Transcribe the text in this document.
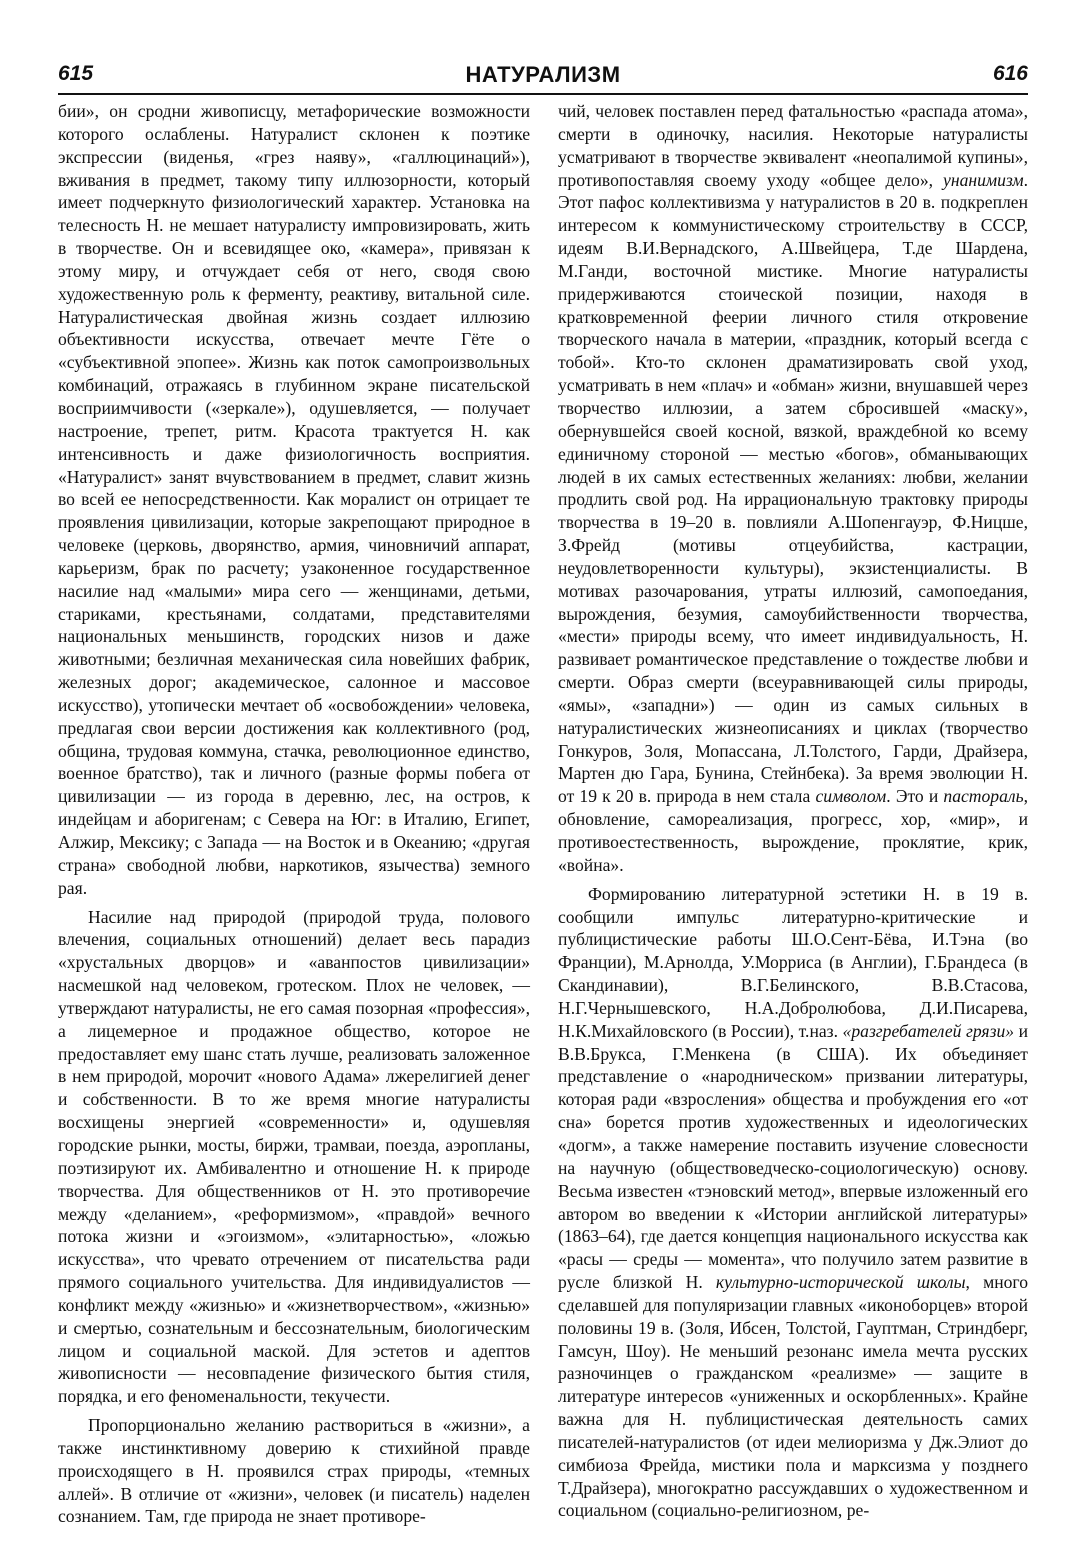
615	НАТУРАЛИЗМ	616

бии», он сродни живописцу, метафорические возможности которого ослаблены. Натуралист склонен к поэтике экспрессии (виденья, «грез наяву», «галлюцинаций»), вживания в предмет, такому типу иллюзорности, который имеет подчеркнуто физиологический характер. Установка на телесность Н. не мешает натуралисту импровизировать, жить в творчестве. Он и всевидящее око, «камера», привязан к этому миру, и отчуждает себя от него, сводя свою художественную роль к ферменту, реактиву, витальной силе. Натуралистическая двойная жизнь создает иллюзию объективности искусства, отвечает мечте Гёте о «субъективной эпопее». Жизнь как поток самопроизвольных комбинаций, отражаясь в глубинном экране писательской восприимчивости («зеркале»), одушевляется, — получает настроение, трепет, ритм. Красота трактуется Н. как интенсивность и даже физиологичность восприятия. «Натуралист» занят вчувствованием в предмет, славит жизнь во всей ее непосредственности. Как моралист он отрицает те проявления цивилизации, которые закрепощают природное в человеке (церковь, дворянство, армия, чиновничий аппарат, карьеризм, брак по расчету; узаконенное государственное насилие над «малыми» мира сего — женщинами, детьми, стариками, крестьянами, солдатами, представителями национальных меньшинств, городских низов и даже животными; безличная механическая сила новейших фабрик, железных дорог; академическое, салонное и массовое искусство), утопически мечтает об «освобождении» человека, предлагая свои версии достижения как коллективного (род, община, трудовая коммуна, стачка, революционное единство, военное братство), так и личного (разные формы побега от цивилизации — из города в деревню, лес, на остров, к индейцам и аборигенам; с Севера на Юг: в Италию, Египет, Алжир, Мексику; с Запада — на Восток и в Океанию; «другая страна» свободной любви, наркотиков, язычества) земного рая.

Насилие над природой (природой труда, полового влечения, социальных отношений) делает весь парадиз «хрустальных дворцов» и «аванпостов цивилизации» насмешкой над человеком, гротеском. Плох не человек, — утверждают натуралисты, не его самая позорная «профессия», а лицемерное и продажное общество, которое не предоставляет ему шанс стать лучше, реализовать заложенное в нем природой, морочит «нового Адама» лжерелигией денег и собственности. В то же время многие натуралисты восхищены энергией «современности» и, одушевляя городские рынки, мосты, биржи, трамваи, поезда, аэропланы, поэтизируют их. Амбивалентно и отношение Н. к природе творчества. Для общественников от Н. это противоречие между «деланием», «реформизмом», «правдой» вечного потока жизни и «эгоизмом», «элитарностью», «ложью искусства», что чревато отречением от писательства ради прямого социального учительства. Для индивидуалистов — конфликт между «жизнью» и «жизнетворчеством», «жизнью» и смертью, сознательным и бессознательным, биологическим лицом и социальной маской. Для эстетов и адептов живописности — несовпадение физического бытия стиля, порядка, и его феноменальности, текучести.

Пропорционально желанию раствориться в «жизни», а также инстинктивному доверию к стихийной правде происходящего в Н. проявился страх природы, «темных аллей». В отличие от «жизни», человек (и писатель) наделен сознанием. Там, где природа не знает противоре-

чий, человек поставлен перед фатальностью «распада атома», смерти в одиночку, насилия. Некоторые натуралисты усматривают в творчестве эквивалент «неопалимой купины», противопоставляя своему уходу «общее дело», унанимизм. Этот пафос коллективизма у натуралистов в 20 в. подкреплен интересом к коммунистическому строительству в СССР, идеям В.И.Вернадского, А.Швейцера, Т.де Шардена, М.Ганди, восточной мистике. Многие натуралисты придерживаются стоической позиции, находя в кратковременной феерии личного стиля откровение творческого начала в материи, «праздник, который всегда с тобой». Кто-то склонен драматизировать свой уход, усматривать в нем «плач» и «обман» жизни, внушавшей через творчество иллюзии, а затем сбросившей «маску», обернувшейся своей косной, вязкой, враждебной ко всему единичному стороной — местью «богов», обманывающих людей в их самых естественных желаниях: любви, желании продлить свой род. На иррациональную трактовку природы творчества в 19–20 в. повлияли А.Шопенгауэр, Ф.Ницше, З.Фрейд (мотивы отцеубийства, кастрации, неудовлетворенности культуры), экзистенциалисты. В мотивах разочарования, утраты иллюзий, самопоедания, вырождения, безумия, самоубийственности творчества, «мести» природы всему, что имеет индивидуальность, Н. развивает романтическое представление о тождестве любви и смерти. Образ смерти (всеуравнивающей силы природы, «ямы», «западни») — один из самых сильных в натуралистических жизнеописаниях и циклах (творчество Гонкуров, Золя, Мопассана, Л.Толстого, Гарди, Драйзера, Мартен дю Гара, Бунина, Стейнбека). За время эволюции Н. от 19 к 20 в. природа в нем стала символом. Это и пастораль, обновление, самореализация, прогресс, хор, «мир», и противоестественность, вырождение, проклятие, крик, «война».

Формированию литературной эстетики Н. в 19 в. сообщили импульс литературно-критические и публицистические работы Ш.О.Сент-Бёва, И.Тэна (во Франции), М.Арнолда, У.Морриса (в Англии), Г.Брандеса (в Скандинавии), В.Г.Белинского, В.В.Стасова, Н.Г.Чернышевского, Н.А.Добролюбова, Д.И.Писарева, Н.К.Михайловского (в России), т.наз. «разгребателей грязи» и В.В.Брукса, Г.Менкена (в США). Их объединяет представление о «народническом» призвании литературы, которая ради «взросления» общества и пробуждения его «от сна» борется против художественных и идеологических «догм», а также намерение поставить изучение словесности на научную (обществоведческо-социологическую) основу. Весьма известен «тэновский метод», впервые изложенный его автором во введении к «Истории английской литературы» (1863–64), где дается концепция национального искусства как «расы — среды — момента», что получило затем развитие в русле близкой Н. культурно-исторической школы, много сделавшей для популяризации главных «иконоборцев» второй половины 19 в. (Золя, Ибсен, Толстой, Гауптман, Стриндберг, Гамсун, Шоу). Не меньший резонанс имела мечта русских разночинцев о гражданском «реализме» — защите в литературе интересов «униженных и оскорбленных». Крайне важна для Н. публицистическая деятельность самих писателей-натуралистов (от идеи мелиоризма у Дж.Элиот до симбиоза Фрейда, мистики пола и марксизма у позднего Т.Драйзера), многократно рассуждавших о художественном и социальном (социально-религиозном, ре-
